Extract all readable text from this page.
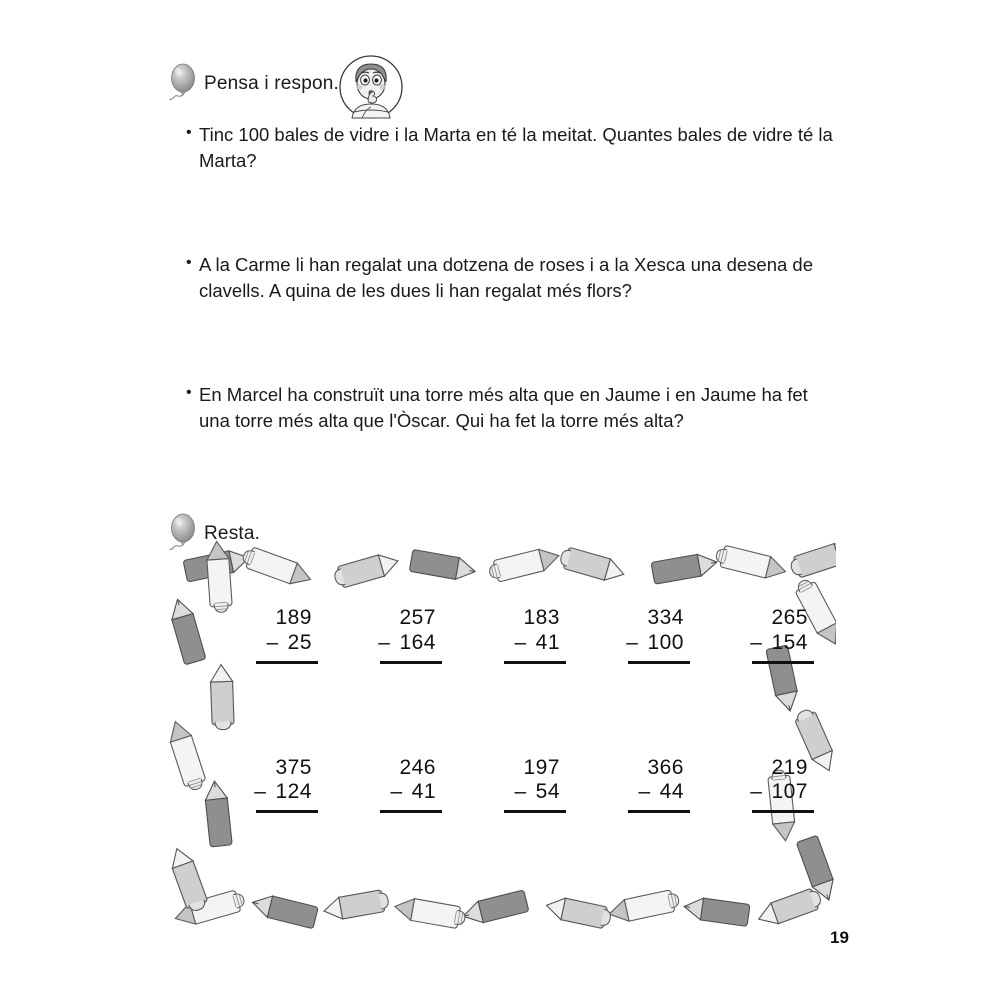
Pensa i respon.
• Tinc 100 bales de vidre i la Marta en té la meitat. Quantes bales de vidre té la Marta?
• A la Carme li han regalat una dotzena de roses i a la Xesca una desena de clavells. A quina de les dues li han regalat més flors?
• En Marcel ha construït una torre més alta que en Jaume i en Jaume ha fet una torre més alta que l'Òscar. Qui ha fet la torre més alta?
Resta.
189
– 25
257
– 164
183
– 41
334
– 100
265
– 154
375
– 124
246
– 41
197
– 54
366
– 44
219
– 107
19
